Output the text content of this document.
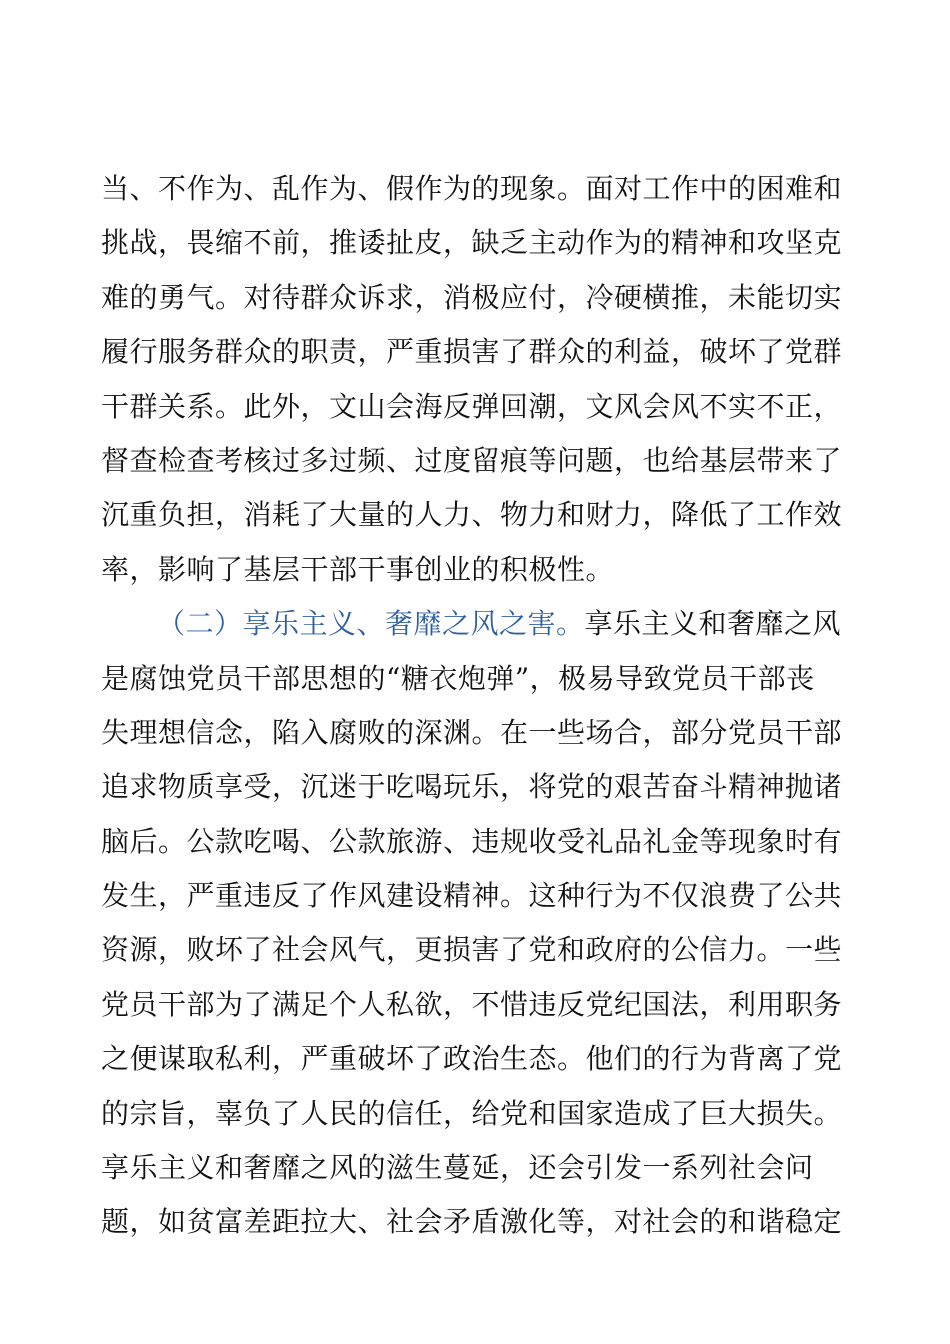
当、不作为、乱作为、假作为的现象。面对工作中的困难和
挑战，畏缩不前，推诿扯皮，缺乏主动作为的精神和攻坚克
难的勇气。对待群众诉求，消极应付，冷硬横推，未能切实
履行服务群众的职责，严重损害了群众的利益，破坏了党群
干群关系。此外，文山会海反弹回潮，文风会风不实不正，
督查检查考核过多过频、过度留痕等问题，也给基层带来了
沉重负担，消耗了大量的人力、物力和财力，降低了工作效
率，影响了基层干部干事创业的积极性。
（二）享乐主义、奢靡之风之害。享乐主义和奢靡之风
是腐蚀党员干部思想的“糖衣炮弹”，极易导致党员干部丧
失理想信念，陷入腐败的深渊。在一些场合，部分党员干部
追求物质享受，沉迷于吃喝玩乐，将党的艰苦奋斗精神抛诸
脑后。公款吃喝、公款旅游、违规收受礼品礼金等现象时有
发生，严重违反了作风建设精神。这种行为不仅浪费了公共
资源，败坏了社会风气，更损害了党和政府的公信力。一些
党员干部为了满足个人私欲，不惜违反党纪国法，利用职务
之便谋取私利，严重破坏了政治生态。他们的行为背离了党
的宗旨，辜负了人民的信任，给党和国家造成了巨大损失。
享乐主义和奢靡之风的滋生蔓延，还会引发一系列社会问
题，如贫富差距拉大、社会矛盾激化等，对社会的和谐稳定
